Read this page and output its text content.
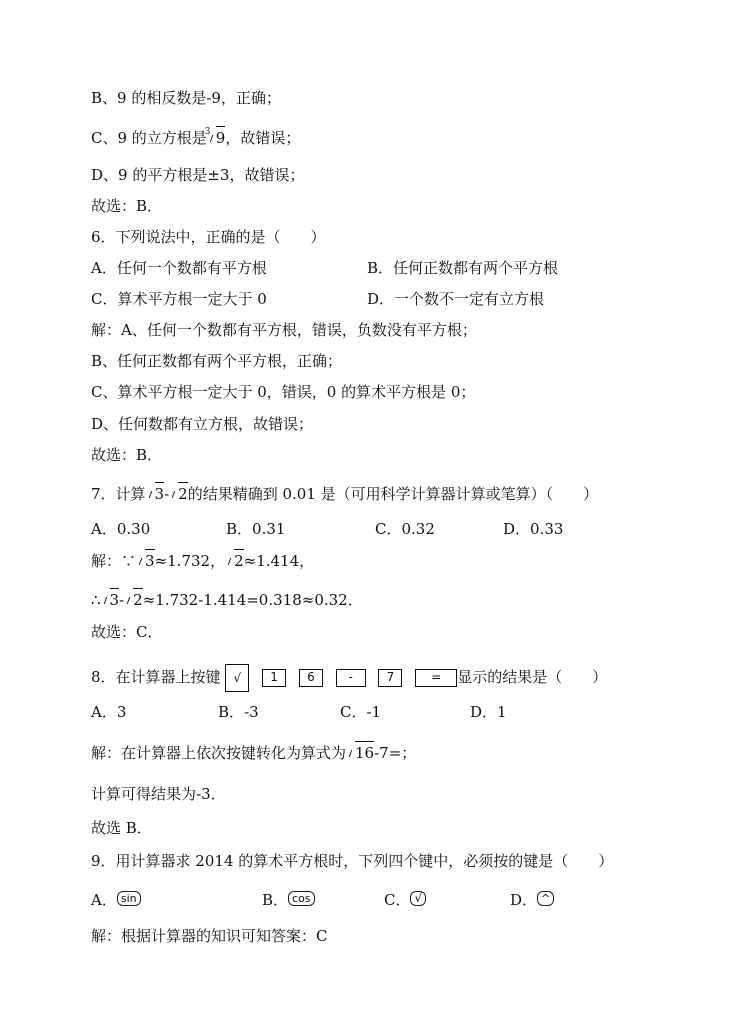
B、9 的相反数是-9，正确；
C、9 的立方根是
3 9，故错误；
D、9 的平方根是±3，故错误；
故选：B．
6．下列说法中，正确的是（　　）
A．任何一个数都有平方根	B．任何正数都有两个平方根
C．算术平方根一定大于 0	D．一个数不一定有立方根
解：A、任何一个数都有平方根，错误，负数没有平方根；
B、任何正数都有两个平方根，正确；
C、算术平方根一定大于 0，错误，0 的算术平方根是 0；
D、任何数都有立方根，故错误；
故选：B．
7．计算 3- 2的结果精确到 0.01 是（可用科学计算器计算或笔算）（　　）
A．0.30	B．0.31	C．0.32	D．0.33
解：∵ 3≈1.732， 2≈1.414，
∴ 3- 2≈1.732-1.414=0.318≈0.32．
故选：C．
8．在计算器上按键 √ 1 6	-	7	= 显示的结果是（　　）
A．3	B．-3	C．-1	D．1
解：在计算器上依次按键转化为算式为 16-7=；
计算可得结果为-3．
故选 B．
9．用计算器求 2014 的算术平方根时，下列四个键中，必须按的键是（　　）
A． sin	B． cos	C． √	D． ^
解：根据计算器的知识可知答案：C
